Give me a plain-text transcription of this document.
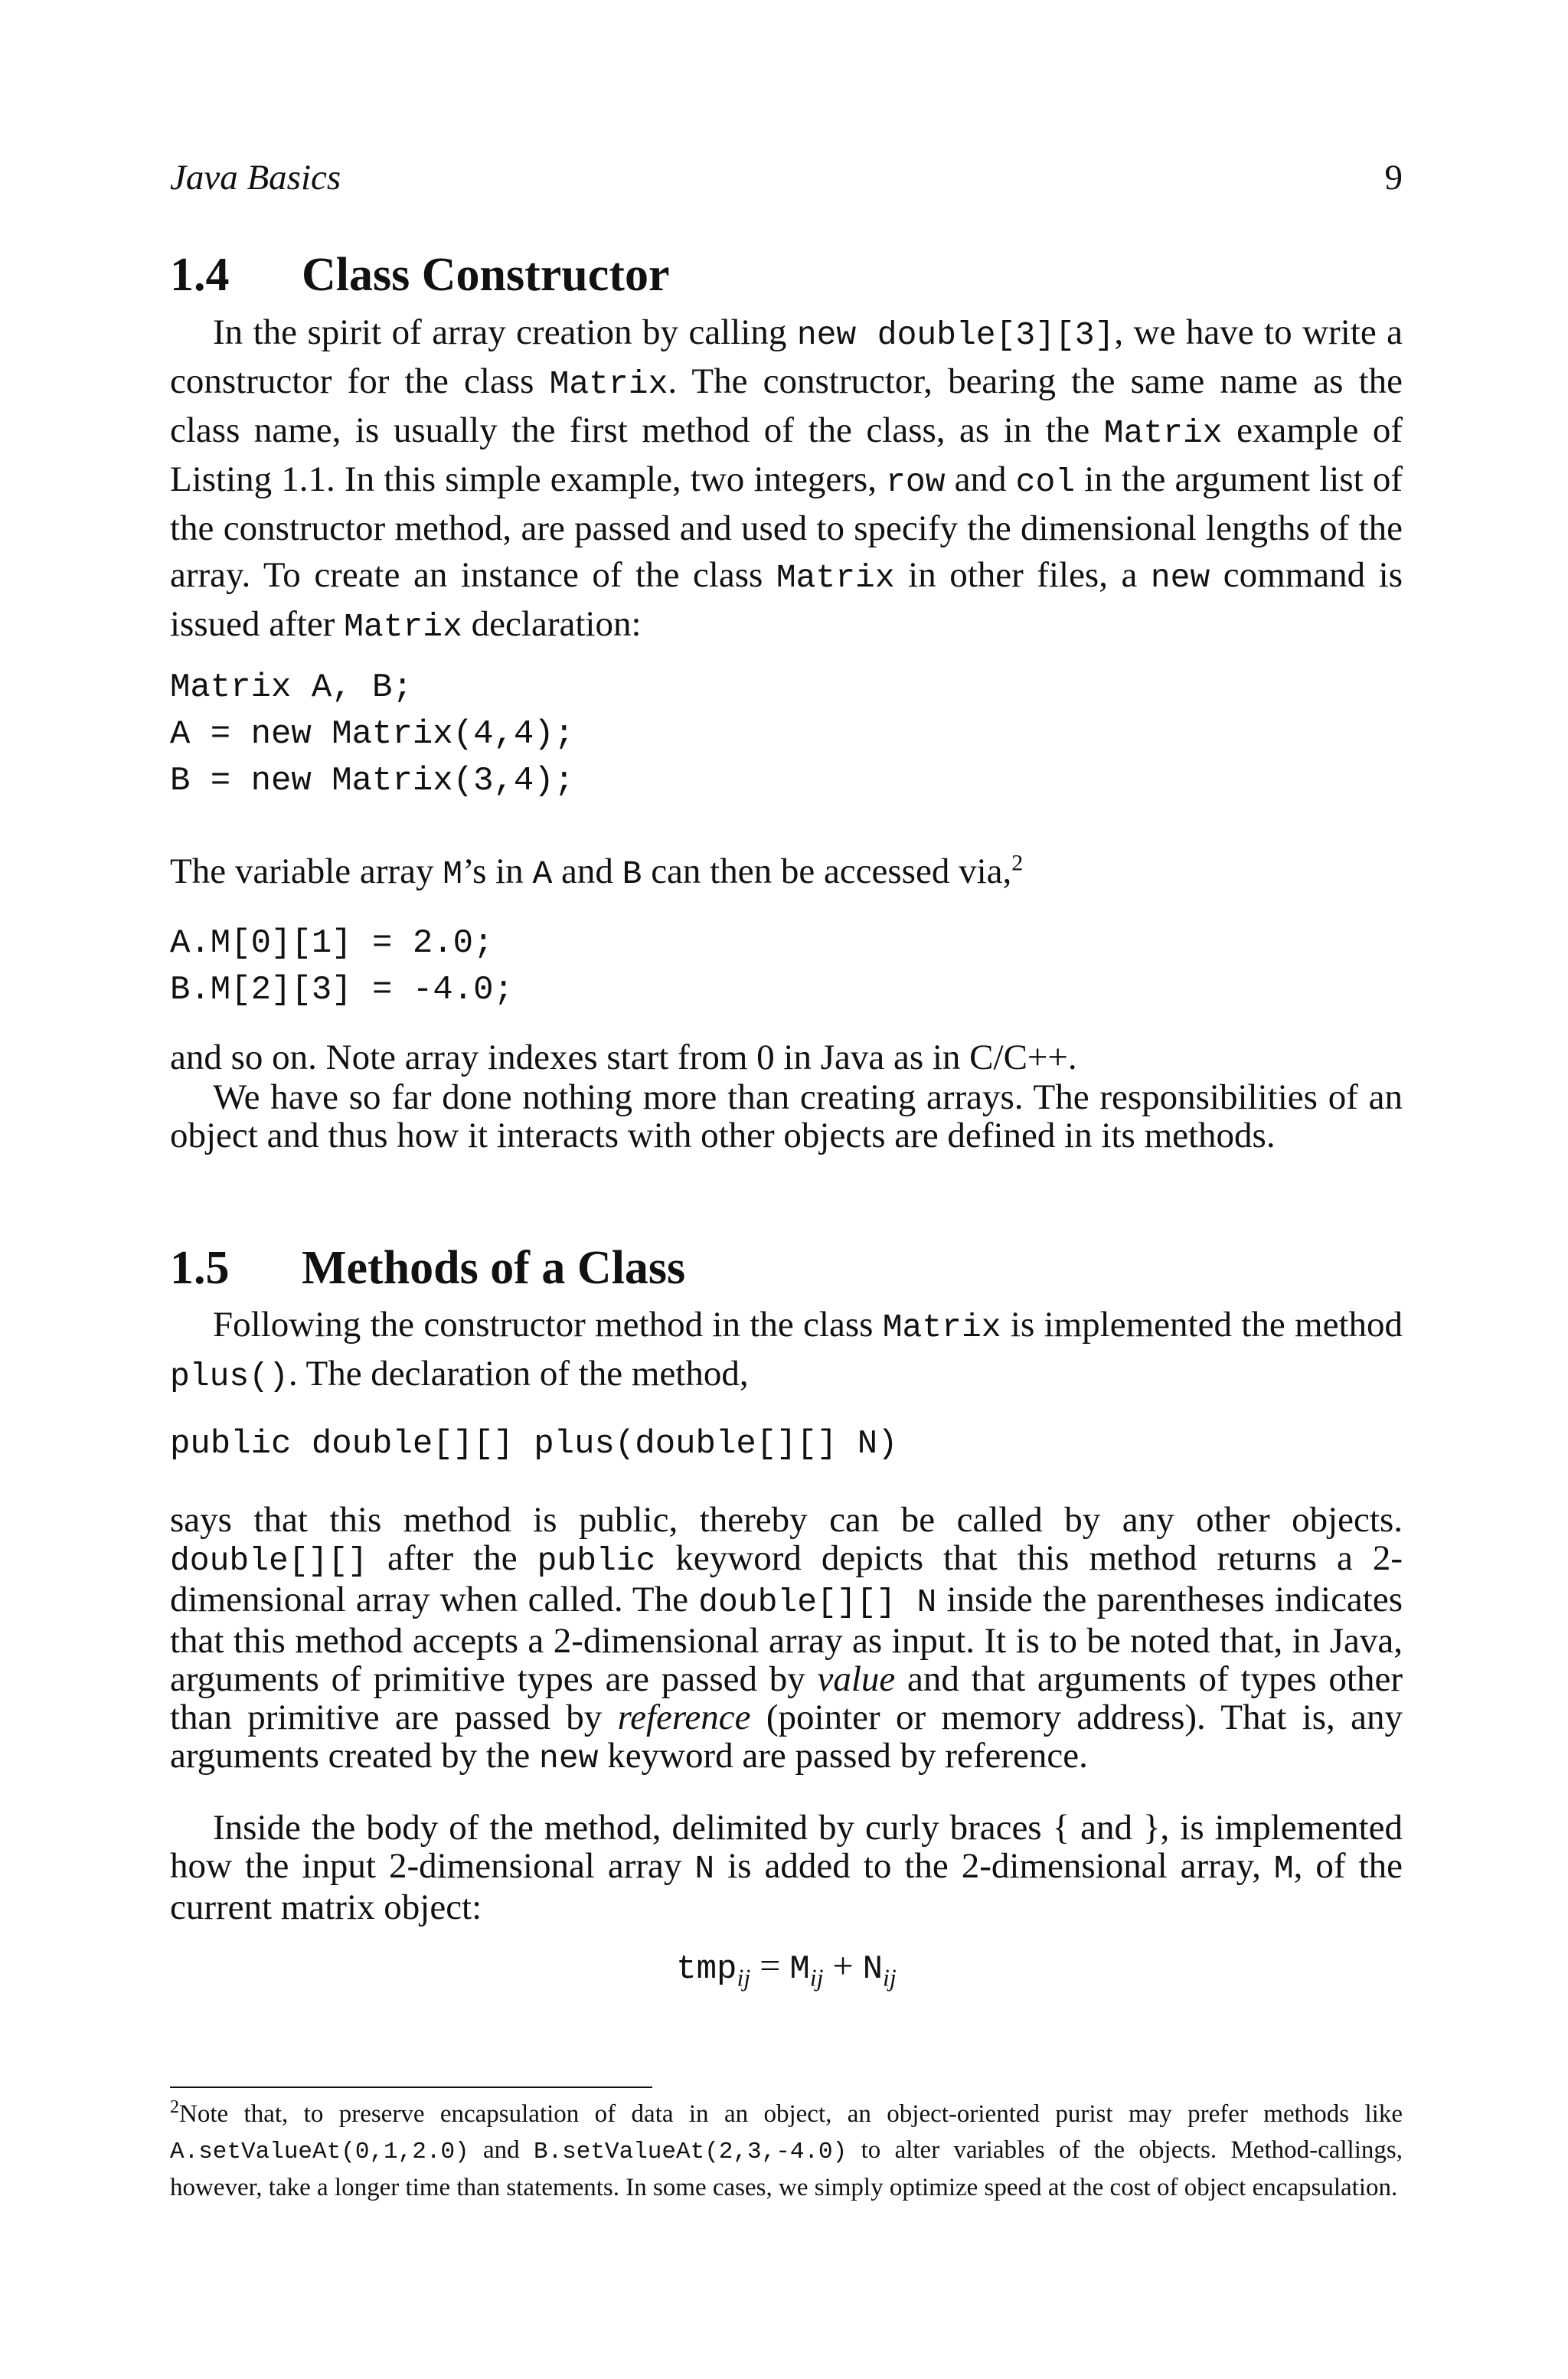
Java Basics	9
1.4 Class Constructor
In the spirit of array creation by calling new double[3][3], we have to write a constructor for the class Matrix. The constructor, bearing the same name as the class name, is usually the first method of the class, as in the Matrix example of Listing 1.1. In this simple example, two integers, row and col in the argument list of the constructor method, are passed and used to specify the dimensional lengths of the array. To create an instance of the class Matrix in other files, a new command is issued after Matrix declaration:
Matrix A, B;
A = new Matrix(4,4);
B = new Matrix(3,4);
The variable array M’s in A and B can then be accessed via,$^2$
A.M[0][1] = 2.0;
B.M[2][3] = -4.0;
and so on. Note array indexes start from 0 in Java as in C/C++.
We have so far done nothing more than creating arrays. The responsibilities of an object and thus how it interacts with other objects are defined in its methods.
1.5 Methods of a Class
Following the constructor method in the class Matrix is implemented the method plus(). The declaration of the method,
public double[][] plus(double[][] N)
says that this method is public, thereby can be called by any other objects. double[][] after the public keyword depicts that this method returns a 2-dimensional array when called. The double[][] N inside the parentheses indicates that this method accepts a 2-dimensional array as input. It is to be noted that, in Java, arguments of primitive types are passed by value and that arguments of types other than primitive are passed by reference (pointer or memory address). That is, any arguments created by the new keyword are passed by reference.
Inside the body of the method, delimited by curly braces { and }, is implemented how the input 2-dimensional array N is added to the 2-dimensional array, M, of the current matrix object:
$tmp_{ij} = M_{ij} + N_{ij}$
$^2$Note that, to preserve encapsulation of data in an object, an object-oriented purist may prefer methods like A.setValueAt(0,1,2.0) and B.setValueAt(2,3,-4.0) to alter variables of the objects. Method-callings, however, take a longer time than statements. In some cases, we simply optimize speed at the cost of object encapsulation.
